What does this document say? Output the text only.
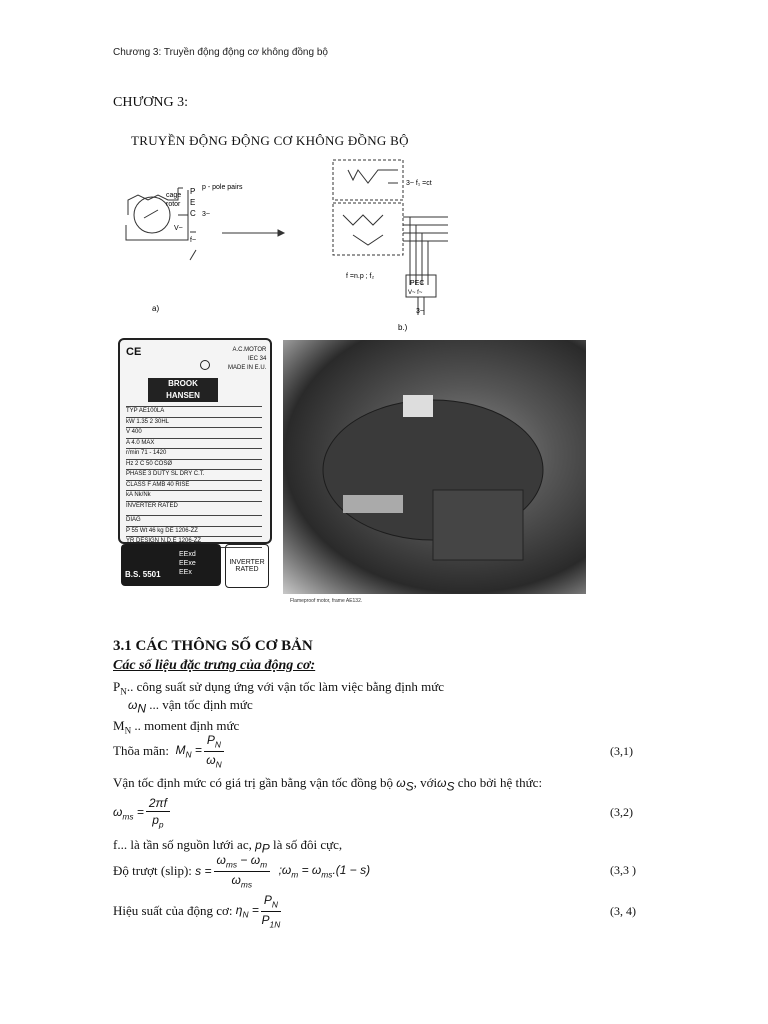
Chương 3: Truyền động động cơ không đồng bộ
CHƯƠNG 3:
TRUYỀN ĐỘNG ĐỘNG CƠ KHÔNG ĐỒNG BỘ
cage
rotor
p - pole pairs
P
E
C 3~
V~
f~
a)
3~ f₁ =ct
f =n.p ; f₂
PEC
V~ f~
3~
b.)
CE	A.C.MOTOR
IEC 34
MADE IN E.U.
BROOK
HANSEN
TYP AE100LA
kW 1.35 2 30HL
V 400
A 4.0 MAX
r/min 71 - 1420
Hz 2 C 50 COSØ
PHASE 3 DUTY SL DRY C.T.
CLASS F AMB 40 RISE
kA Nk/Nk
INVERTER RATED
DIAG
P 55 Wt 46 kg DE 1206-ZZ
YR DESIGN N.D.E 1206-ZZ
B.S. 5501
EExd
EExe
EEx
INVERTER RATED
Flameproof motor, frame AE132.
3.1 CÁC THÔNG SỐ CƠ BẢN
Các số liệu đặc trưng của động cơ:
$P_N$.. công suất sử dụng ứng với vận tốc làm việc bằng định mức
$\omega_N$ ... vận tốc định mức
$M_N$ .. moment định mức
Thõa mãn:
$M_N = \frac{P_N}{\omega_N}$	(3,1)
Vận tốc định mức có giá trị gần bằng vận tốc đồng bộ $\omega_S$, vớiω$_S$ cho bởi hệ thức:
$\omega_{ms} = \frac{2\pi f}{p_p}$	(3,2)
f... là tần số nguồn lưới ac, $p_P$ là số đôi cực,
Độ trượt (slip):
$s = \frac{\omega_{ms} - \omega_m}{\omega_{ms}}$
$;\omega_m = \omega_{ms}.(1 - s)$	(3,3 )
Hiệu suất của động cơ:
$\eta_N = \frac{P_N}{P_{1N}}$	(3, 4)
